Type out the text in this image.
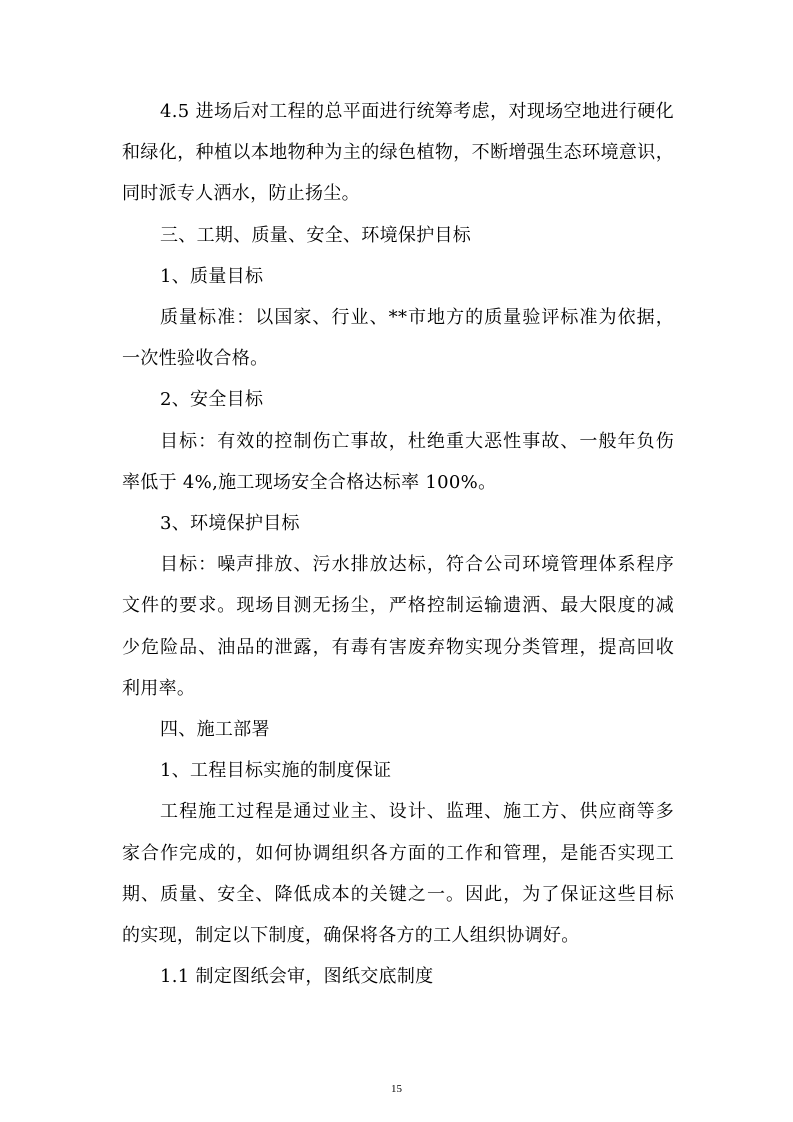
4.5 进场后对工程的总平面进行统筹考虑，对现场空地进行硬化
和绿化，种植以本地物种为主的绿色植物，不断增强生态环境意识，
同时派专人洒水，防止扬尘。

三、工期、质量、安全、环境保护目标

1、质量目标

质量标准：以国家、行业、**市地方的质量验评标准为依据，
一次性验收合格。

2、安全目标

目标：有效的控制伤亡事故，杜绝重大恶性事故、一般年负伤
率低于 4%,施工现场安全合格达标率 100%。

3、环境保护目标

目标：噪声排放、污水排放达标，符合公司环境管理体系程序
文件的要求。现场目测无扬尘，严格控制运输遗洒、最大限度的减
少危险品、油品的泄露，有毒有害废弃物实现分类管理，提高回收
利用率。

四、施工部署

1、工程目标实施的制度保证

工程施工过程是通过业主、设计、监理、施工方、供应商等多
家合作完成的，如何协调组织各方面的工作和管理，是能否实现工
期、质量、安全、降低成本的关键之一。因此，为了保证这些目标
的实现，制定以下制度，确保将各方的工人组织协调好。

1.1 制定图纸会审，图纸交底制度

15
